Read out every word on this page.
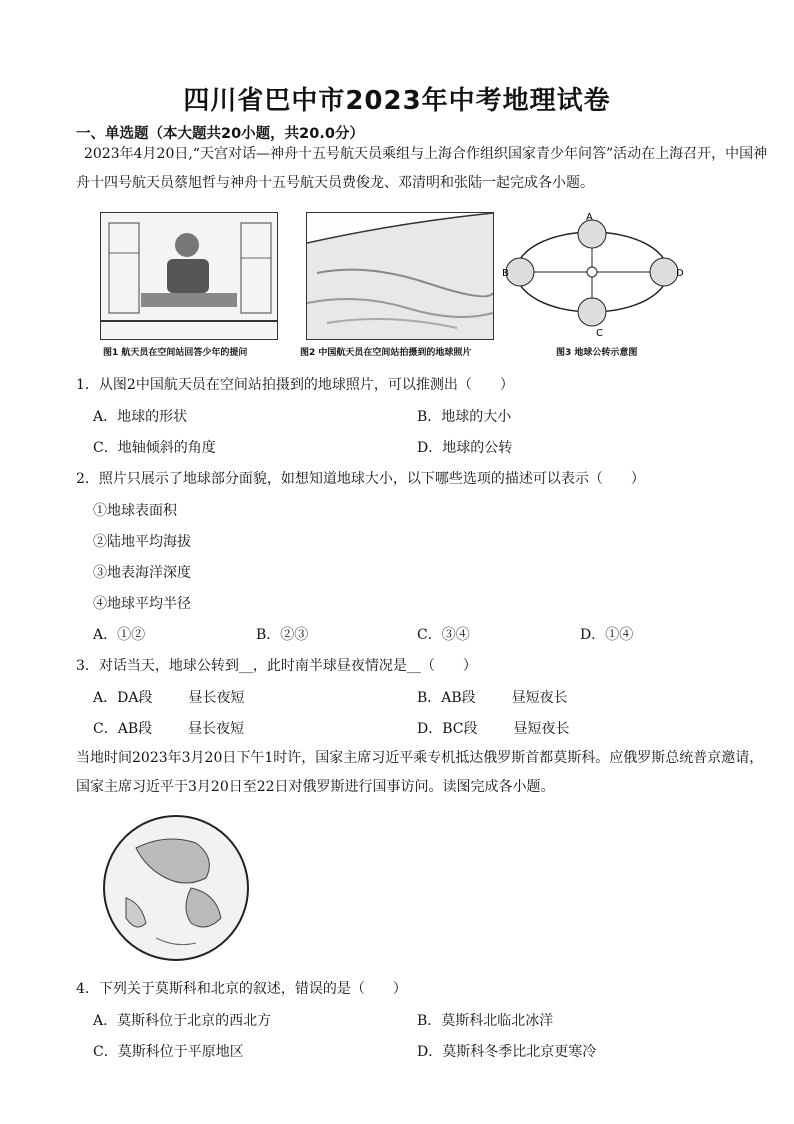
四川省巴中市2023年中考地理试卷
一、单选题（本大题共20小题，共20.0分）
2023年4月20日,“天宫对话—神舟十五号航天员乘组与上海合作组织国家青少年问答”活动在上海召开，中国神舟十四号航天员蔡旭哲与神舟十五号航天员费俊龙、邓清明和张陆一起完成各小题。
图1 航天员在空间站回答少年的提问	图2 中国航天员在空间站拍摄到的地球照片
A
B
C
D
图3 地球公转示意图
1．从图2中国航天员在空间站拍摄到的地球照片，可以推测出（　　）
A．地球的形状	B．地球的大小
C．地轴倾斜的角度	D．地球的公转
2．照片只展示了地球部分面貌，如想知道地球大小，以下哪些选项的描述可以表示（　　）
①地球表面积
②陆地平均海拔
③地表海洋深度
④地球平均半径
A．①②	B．②③	C．③④	D．①④
3．对话当天，地球公转到__，此时南半球昼夜情况是__（　　）
A．DA段	昼长夜短	B．AB段	昼短夜长
C．AB段	昼长夜短	D．BC段	昼短夜长
当地时间2023年3月20日下午1时许，国家主席习近平乘专机抵达俄罗斯首都莫斯科。应俄罗斯总统普京邀请，国家主席习近平于3月20日至22日对俄罗斯进行国事访问。读图完成各小题。
4．下列关于莫斯科和北京的叙述，错误的是（　　）
A．莫斯科位于北京的西北方	B．莫斯科北临北冰洋
C．莫斯科位于平原地区	D．莫斯科冬季比北京更寒冷
